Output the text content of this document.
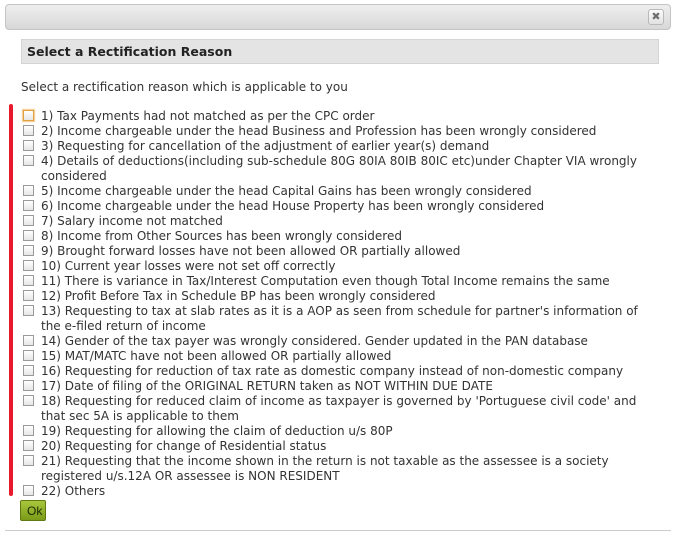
✖
Select a Rectification Reason
Select a rectification reason which is applicable to you
1) Tax Payments had not matched as per the CPC order
2) Income chargeable under the head Business and Profession has been wrongly considered
3) Requesting for cancellation of the adjustment of earlier year(s) demand
4) Details of deductions(including sub-schedule 80G 80IA 80IB 80IC etc)under Chapter VIA wrongly considered
5) Income chargeable under the head Capital Gains has been wrongly considered
6) Income chargeable under the head House Property has been wrongly considered
7) Salary income not matched
8) Income from Other Sources has been wrongly considered
9) Brought forward losses have not been allowed OR partially allowed
10) Current year losses were not set off correctly
11) There is variance in Tax/Interest Computation even though Total Income remains the same
12) Profit Before Tax in Schedule BP has been wrongly considered
13) Requesting to tax at slab rates as it is a AOP as seen from schedule for partner's information of the e-filed return of income
14) Gender of the tax payer was wrongly considered. Gender updated in the PAN database
15) MAT/MATC have not been allowed OR partially allowed
16) Requesting for reduction of tax rate as domestic company instead of non-domestic company
17) Date of filing of the ORIGINAL RETURN taken as NOT WITHIN DUE DATE
18) Requesting for reduced claim of income as taxpayer is governed by 'Portuguese civil code' and that sec 5A is applicable to them
19) Requesting for allowing the claim of deduction u/s 80P
20) Requesting for change of Residential status
21) Requesting that the income shown in the return is not taxable as the assessee is a society registered u/s.12A OR assessee is NON RESIDENT
22) Others
Ok
